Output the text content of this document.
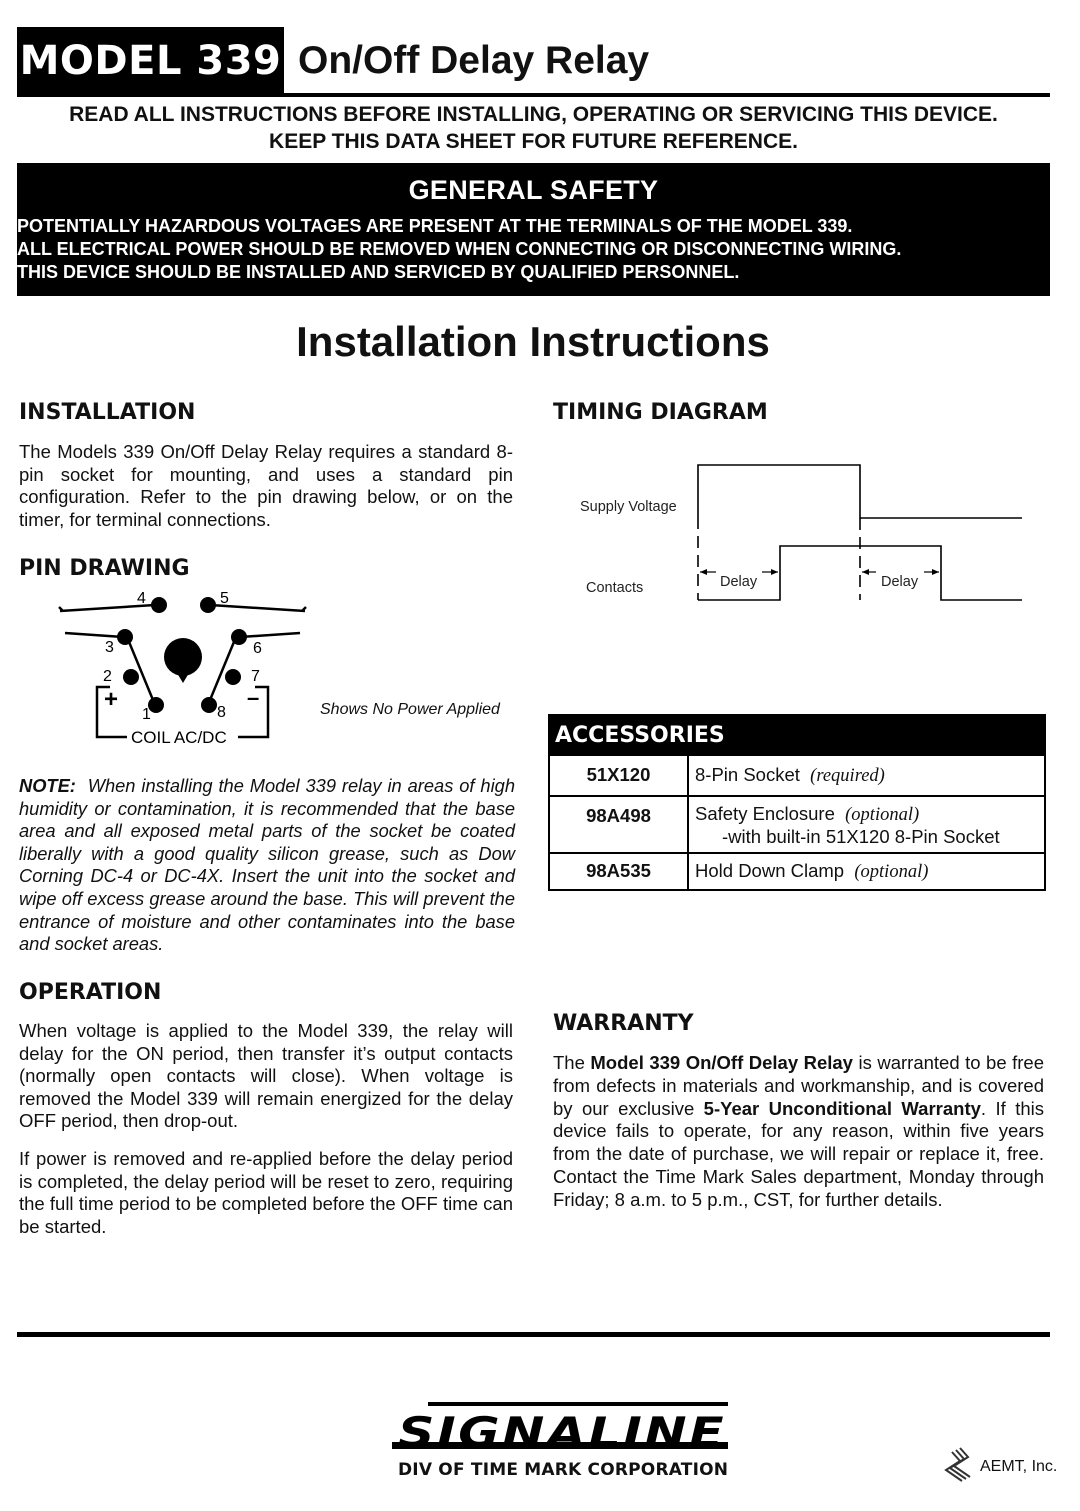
MODEL 339 On/Off Delay Relay
READ ALL INSTRUCTIONS BEFORE INSTALLING, OPERATING OR SERVICING THIS DEVICE.
KEEP THIS DATA SHEET FOR FUTURE REFERENCE.
GENERAL SAFETY
POTENTIALLY HAZARDOUS VOLTAGES ARE PRESENT AT THE TERMINALS OF THE MODEL 339.
ALL ELECTRICAL POWER SHOULD BE REMOVED WHEN CONNECTING OR DISCONNECTING WIRING.
THIS DEVICE SHOULD BE INSTALLED AND SERVICED BY QUALIFIED PERSONNEL.
Installation Instructions
INSTALLATION
The Models 339 On/Off Delay Relay requires a standard 8-pin socket for mounting, and uses a standard pin configuration. Refer to the pin drawing below, or on the timer, for terminal connections.
PIN DRAWING
4	5
3	6
2	7
1	8
+	–
COIL AC/DC
Shows No Power Applied
NOTE: When installing the Model 339 relay in areas of high humidity or contamination, it is recommended that the base area and all exposed metal parts of the socket be coated liberally with a good quality silicon grease, such as Dow Corning DC-4 or DC-4X. Insert the unit into the socket and wipe off excess grease around the base. This will prevent the entrance of moisture and other contaminates into the base and socket areas.
OPERATION
When voltage is applied to the Model 339, the relay will delay for the ON period, then transfer it’s output contacts (normally open contacts will close). When voltage is removed the Model 339 will remain energized for the delay OFF period, then drop-out.
If power is removed and re-applied before the delay period is completed, the delay period will be reset to zero, requiring the full time period to be completed before the OFF time can be started.
TIMING DIAGRAM
Supply Voltage
Contacts	Delay	Delay
ACCESSORIES
51X120	8-Pin Socket (required)
98A498	Safety Enclosure (optional)
-with built-in 51X120 8-Pin Socket
98A535	Hold Down Clamp (optional)
WARRANTY
The Model 339 On/Off Delay Relay is warranted to be free from defects in materials and workmanship, and is covered by our exclusive 5-Year Unconditional Warranty. If this device fails to operate, for any reason, within five years from the date of purchase, we will repair or replace it, free. Contact the Time Mark Sales department, Monday through Friday; 8 a.m. to 5 p.m., CST, for further details.
SIGNALINE
DIV OF TIME MARK CORPORATION	AEMT, Inc.
